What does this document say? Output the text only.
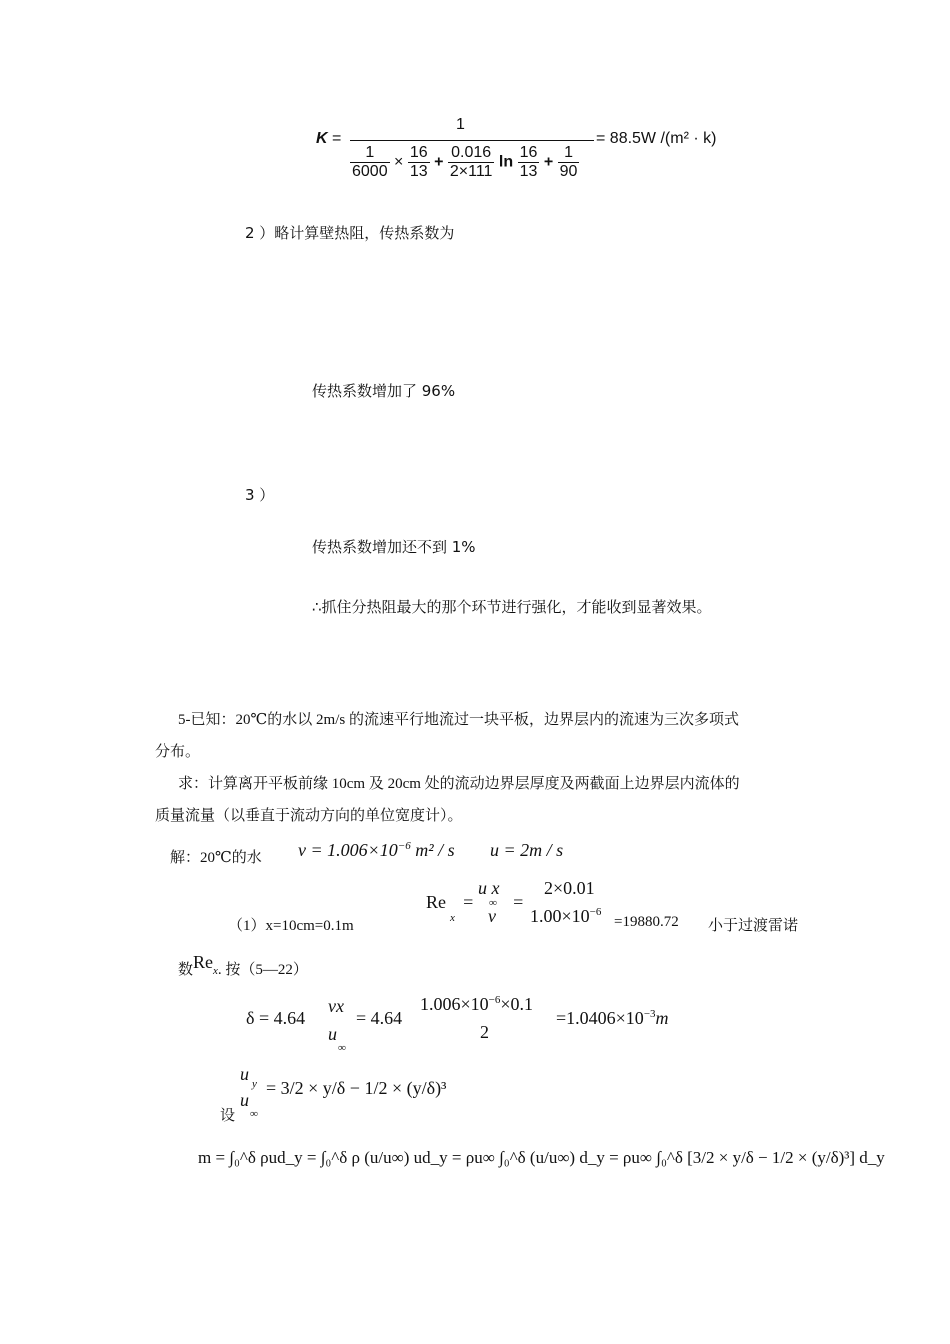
K =
1
$\frac{1}{6000} \times \frac{16}{13} + \frac{0.016}{2\times 111}$ $\ln \frac{16}{13} + \frac{1}{90}$
= 88.5W /(m² · k)
2 ）略计算壁热阻，传热系数为
传热系数增加了 96%
3 ）
传热系数增加还不到 1%
∴抓住分热阻最大的那个环节进行强化，才能收到显著效果。
5-已知：20℃的水以 2m/s 的流速平行地流过一块平板，边界层内的流速为三次多项式
分布。
求：计算离开平板前缘 10cm 及 20cm 处的流动边界层厚度及两截面上边界层内流体的
质量流量（以垂直于流动方向的单位宽度计）。
解：20℃的水 $v = 1.006\times 10^{-6}$ m² / s u = 2m / s
（1）x=10cm=0.1m
Re
x
=
u x
∞
v
=
2×0.01
$1.00\times 10^{-6}$
=19880.72 小于过渡雷诺
数Rex. 按（5—22）
δ = 4.64
vx
u
∞
= 4.64
$1.006\times 10^{-6}\times 0.1$
2
$=1.0406\times 10^{-3}m$
设
u y
u
∞
= 3/2 × y/δ − 1/2 × (y/δ)³
m = ∫₀^δ ρud_y = ∫₀^δ ρ (u/u∞) ud_y = ρu∞ ∫₀^δ (u/u∞) d_y = ρu∞ ∫₀^δ [3/2 × y/δ − 1/2 × (y/δ)³] d_y
